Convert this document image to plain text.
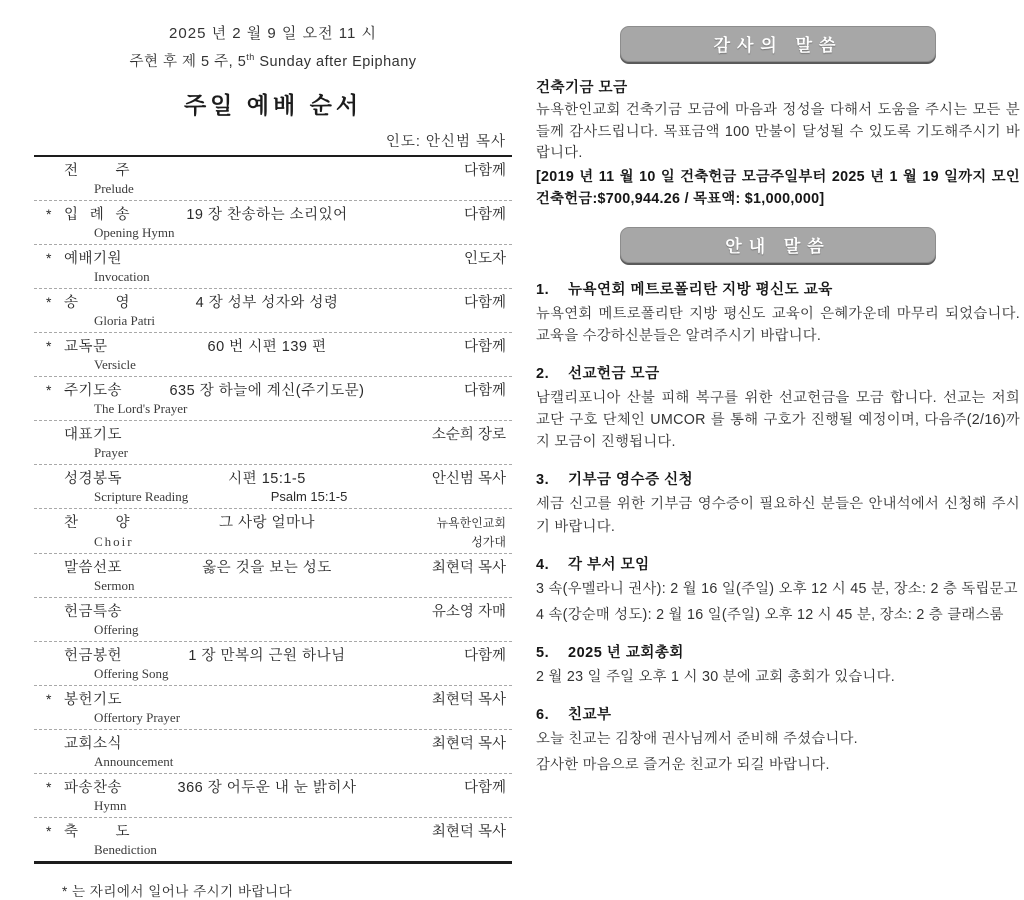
2025 년 2 월 9 일 오전 11 시
주현 후 제 5 주, 5th Sunday after Epiphany
주일 예배 순서
인도: 안신범 목사
전 주	다함께
Prelude
* 입 례 송	19 장 찬송하는 소리있어	다함께
Opening Hymn
* 예배기원	인도자
Invocation
* 송 영	4 장 성부 성자와 성령	다함께
Gloria Patri
* 교독문	60 번 시편 139 편	다함께
Versicle
* 주기도송	635 장 하늘에 계신(주기도문)	다함께
The Lord's Prayer
대표기도	소순희 장로
Prayer
성경봉독	시편 15:1-5	안신범 목사
Scripture Reading	Psalm 15:1-5
찬 양	그 사랑 얼마나	뉴욕한인교회
Choir	성가대
말씀선포	옳은 것을 보는 성도	최현덕 목사
Sermon
헌금특송	유소영 자매
Offering
헌금봉헌	1 장 만복의 근원 하나님	다함께
Offering Song
* 봉헌기도	최현덕 목사
Offertory Prayer
교회소식	최현덕 목사
Announcement
* 파송찬송	366 장 어두운 내 눈 밝히사	다함께
Hymn
* 축 도	최현덕 목사
Benediction
* 는 자리에서 일어나 주시기 바랍니다
감사의 말씀
건축기금 모금
뉴욕한인교회 건축기금 모금에 마음과 정성을 다해서 도움을 주시는 모든 분들께 감사드립니다. 목표금액 100 만불이 달성될 수 있도록 기도해주시기 바랍니다.
[2019 년 11 월 10 일 건축헌금 모금주일부터 2025 년 1 월 19 일까지 모인 건축헌금:$700,944.26 / 목표액: $1,000,000]
안내 말씀
1. 뉴욕연회 메트로폴리탄 지방 평신도 교육
뉴욕연회 메트로폴리탄 지방 평신도 교육이 은혜가운데 마무리 되었습니다. 교육을 수강하신분들은 알려주시기 바랍니다.
2. 선교헌금 모금
남캘리포니아 산불 피해 복구를 위한 선교헌금을 모금 합니다. 선교는 저희 교단 구호 단체인 UMCOR 를 통해 구호가 진행될 예정이며, 다음주(2/16)까지 모금이 진행됩니다.
3. 기부금 영수증 신청
세금 신고를 위한 기부금 영수증이 필요하신 분들은 안내석에서 신청해 주시기 바랍니다.
4. 각 부서 모임
3 속(우멜라니 권사): 2 월 16 일(주일) 오후 12 시 45 분, 장소: 2 층 독립문고
4 속(강순매 성도): 2 월 16 일(주일) 오후 12 시 45 분, 장소: 2 층 클래스룸
5. 2025 년 교회총회
2 월 23 일 주일 오후 1 시 30 분에 교회 총회가 있습니다.
6. 친교부
오늘 친교는 김창애 권사님께서 준비해 주셨습니다.
감사한 마음으로 즐거운 친교가 되길 바랍니다.
